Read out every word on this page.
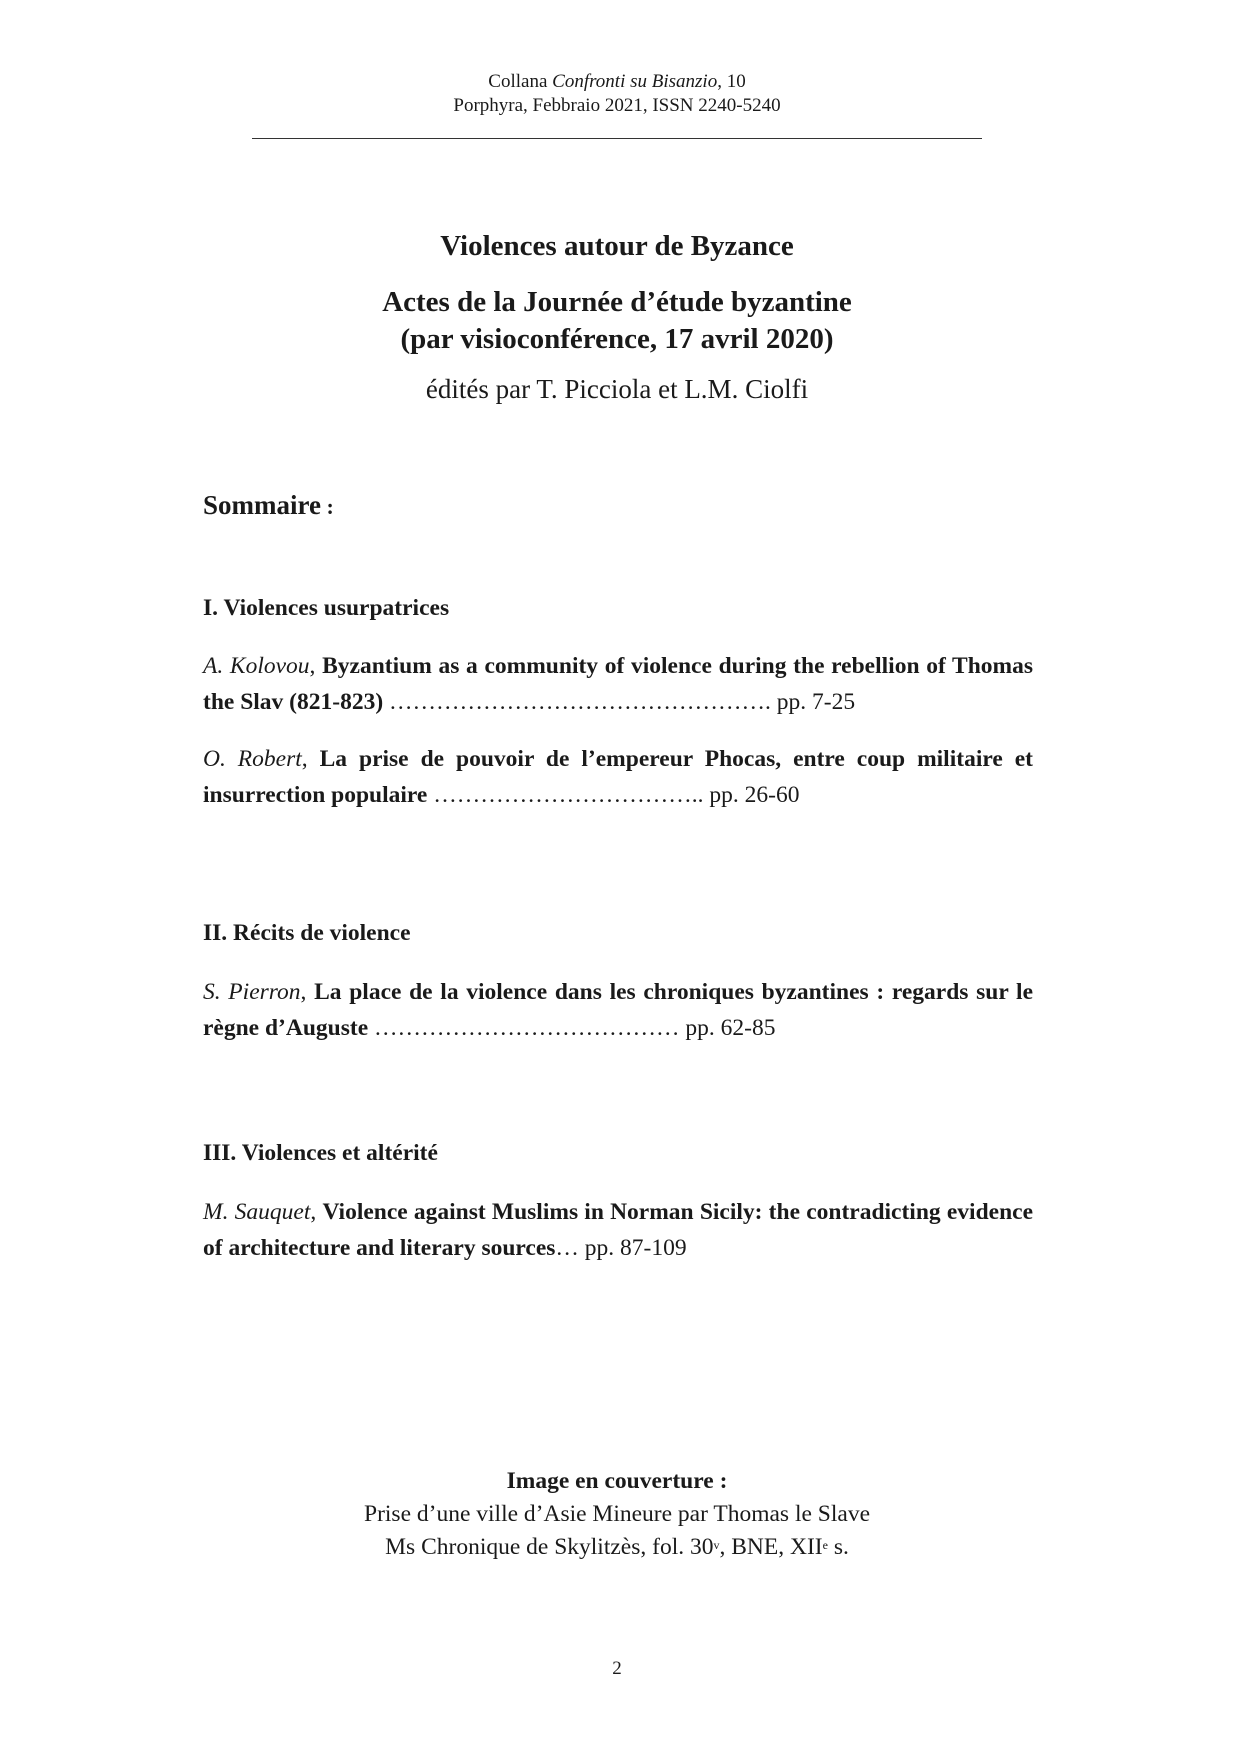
Collana Confronti su Bisanzio, 10
Porphyra, Febbraio 2021, ISSN 2240-5240
Violences autour de Byzance
Actes de la Journée d’étude byzantine
(par visioconférence, 17 avril 2020)
édités par T. Picciola et L.M. Ciolfi
Sommaire :
I. Violences usurpatrices
A. Kolovou, Byzantium as a community of violence during the rebellion of Thomas the Slav (821-823) …………………………………………. pp. 7-25
O. Robert, La prise de pouvoir de l’empereur Phocas, entre coup militaire et insurrection populaire …………………………….. pp. 26-60
II. Récits de violence
S. Pierron, La place de la violence dans les chroniques byzantines : regards sur le règne d’Auguste ………………………………… pp. 62-85
III. Violences et altérité
M. Sauquet, Violence against Muslims in Norman Sicily: the contradicting evidence of architecture and literary sources… pp. 87-109
Image en couverture :
Prise d’une ville d’Asie Mineure par Thomas le Slave
Ms Chronique de Skylitzès, fol. 30$^v$, BNE, XIIe s.
2
